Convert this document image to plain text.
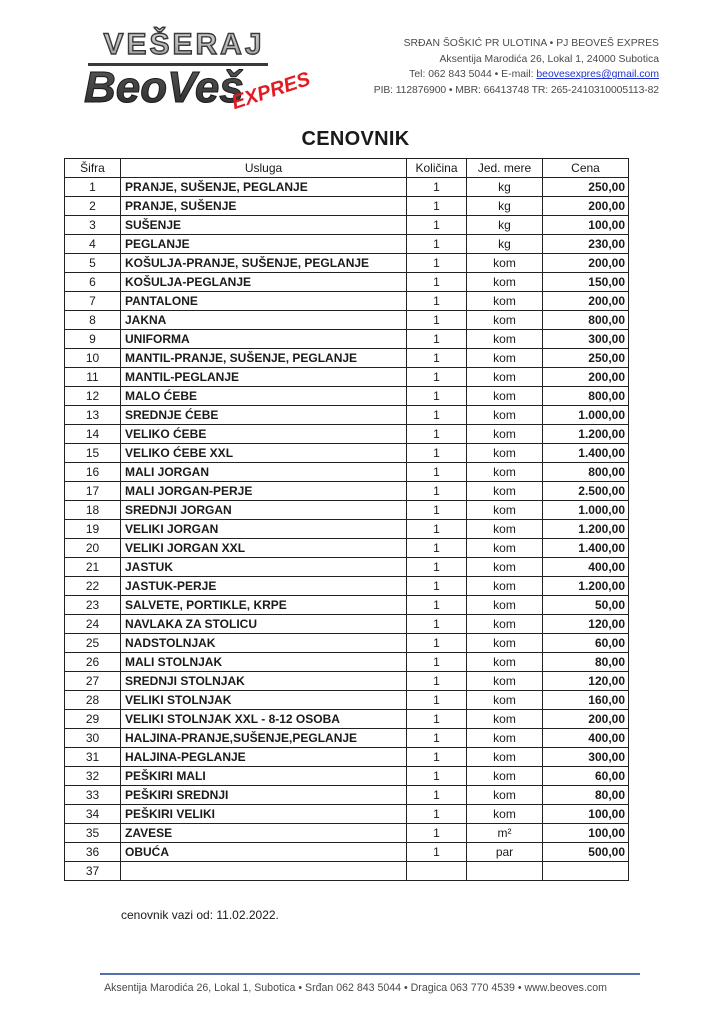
VEŠERAJ
BeoVeš
EXPRES
SRĐAN ŠOŠKIĆ PR ULOTINA • PJ BEOVEŠ EXPRES
Aksentija Marodića 26, Lokal 1, 24000 Subotica
Tel: 062 843 5044 • E-mail: beovesexpres@gmail.com
PIB: 112876900 • MBR: 66413748 TR: 265-2410310005113-82
CENOVNIK
Šifra	Usluga	Količina	Jed. mere	Cena
1	PRANJE, SUŠENJE, PEGLANJE	1	kg	250,00
2	PRANJE, SUŠENJE	1	kg	200,00
3	SUŠENJE	1	kg	100,00
4	PEGLANJE	1	kg	230,00
5	KOŠULJA-PRANJE, SUŠENJE, PEGLANJE	1	kom	200,00
6	KOŠULJA-PEGLANJE	1	kom	150,00
7	PANTALONE	1	kom	200,00
8	JAKNA	1	kom	800,00
9	UNIFORMA	1	kom	300,00
10	MANTIL-PRANJE, SUŠENJE, PEGLANJE	1	kom	250,00
11	MANTIL-PEGLANJE	1	kom	200,00
12	MALO ĆEBE	1	kom	800,00
13	SREDNJE ĆEBE	1	kom	1.000,00
14	VELIKO ĆEBE	1	kom	1.200,00
15	VELIKO ĆEBE XXL	1	kom	1.400,00
16	MALI JORGAN	1	kom	800,00
17	MALI JORGAN-PERJE	1	kom	2.500,00
18	SREDNJI JORGAN	1	kom	1.000,00
19	VELIKI JORGAN	1	kom	1.200,00
20	VELIKI JORGAN XXL	1	kom	1.400,00
21	JASTUK	1	kom	400,00
22	JASTUK-PERJE	1	kom	1.200,00
23	SALVETE, PORTIKLE, KRPE	1	kom	50,00
24	NAVLAKA ZA STOLICU	1	kom	120,00
25	NADSTOLNJAK	1	kom	60,00
26	MALI STOLNJAK	1	kom	80,00
27	SREDNJI STOLNJAK	1	kom	120,00
28	VELIKI STOLNJAK	1	kom	160,00
29	VELIKI STOLNJAK XXL - 8-12 OSOBA	1	kom	200,00
30	HALJINA-PRANJE,SUŠENJE,PEGLANJE	1	kom	400,00
31	HALJINA-PEGLANJE	1	kom	300,00
32	PEŠKIRI MALI	1	kom	60,00
33	PEŠKIRI SREDNJI	1	kom	80,00
34	PEŠKIRI VELIKI	1	kom	100,00
35	ZAVESE	1	m²	100,00
36	OBUĆA	1	par	500,00
37				
cenovnik vazi od: 11.02.2022.
Aksentija Marodića 26, Lokal 1, Subotica • Srđan 062 843 5044 • Dragica 063 770 4539 • www.beoves.com
